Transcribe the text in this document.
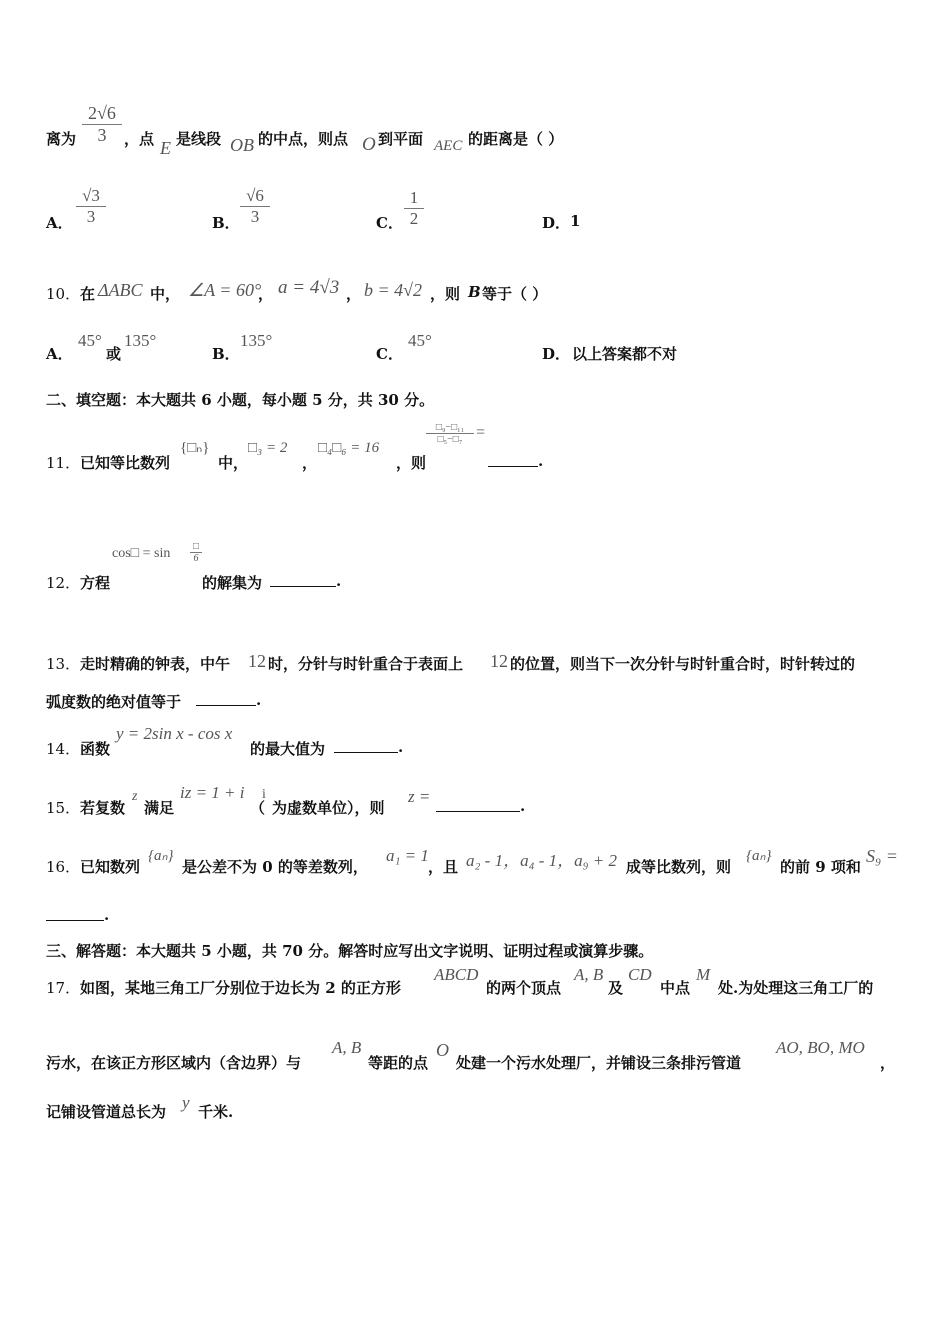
离为 $\frac{2√6}{3}$ ，点 E 是线段 OB 的中点，则点 O 到平面 AEC 的距离是（ ）
A．	B．	C．	D． 1
$\frac{√3}{3}$	$\frac{√6}{3}$	$\frac{1}{2}$
10． 在 ΔABC 中， ∠A = 60°
， a = 4√3 ， b = 4√2 ，则 B 等于（ ）
A．
45°
或
135°
B．
135°
C．
45°
D． 以上答案都不对
二、填空题：本大题共 6 小题，每小题 5 分，共 30 分。
11． 已知等比数列
{□ₙ}
中，
□₃ = 2
，
□₄□₆ = 16
，则
=
.
□₉−□₁₁
□₅−□₇
12． 方程
cos□ = sin
的解集为	.
□
6
13． 走时精确的钟表，中午 12 时，分针与时针重合于表面上 12 的位置，则当下一次分针与时针重合时，时针转过的
弧度数的绝对值等于	.
14． 函数
y = 2sin x - cos x
的最大值为	.
15． 若复数
z
满足
iz = 1 + i
（
i
为虚数单位），则
z =	.
16． 已知数列
{aₙ}
是公差不为 0 的等差数列，
a₁ = 1
，且 a₂ - 1，a₄ - 1，a₉ + 2 成等比数列，则
{aₙ}
的前 9 项和
S₉ =
.
三、解答题：本大题共 5 小题，共 70 分。解答时应写出文字说明、证明过程或演算步骤。
17． 如图，某地三角工厂分别位于边长为 2 的正方形
ABCD
的两个顶点
A, B
及
CD
中点
M
处.为处理这三角工厂的
污水，在该正方形区域内（含边界）与
A, B
等距的点
O
处建一个污水处理厂，并铺设三条排污管道
AO, BO, MO
，
记铺设管道总长为 y 千米.
